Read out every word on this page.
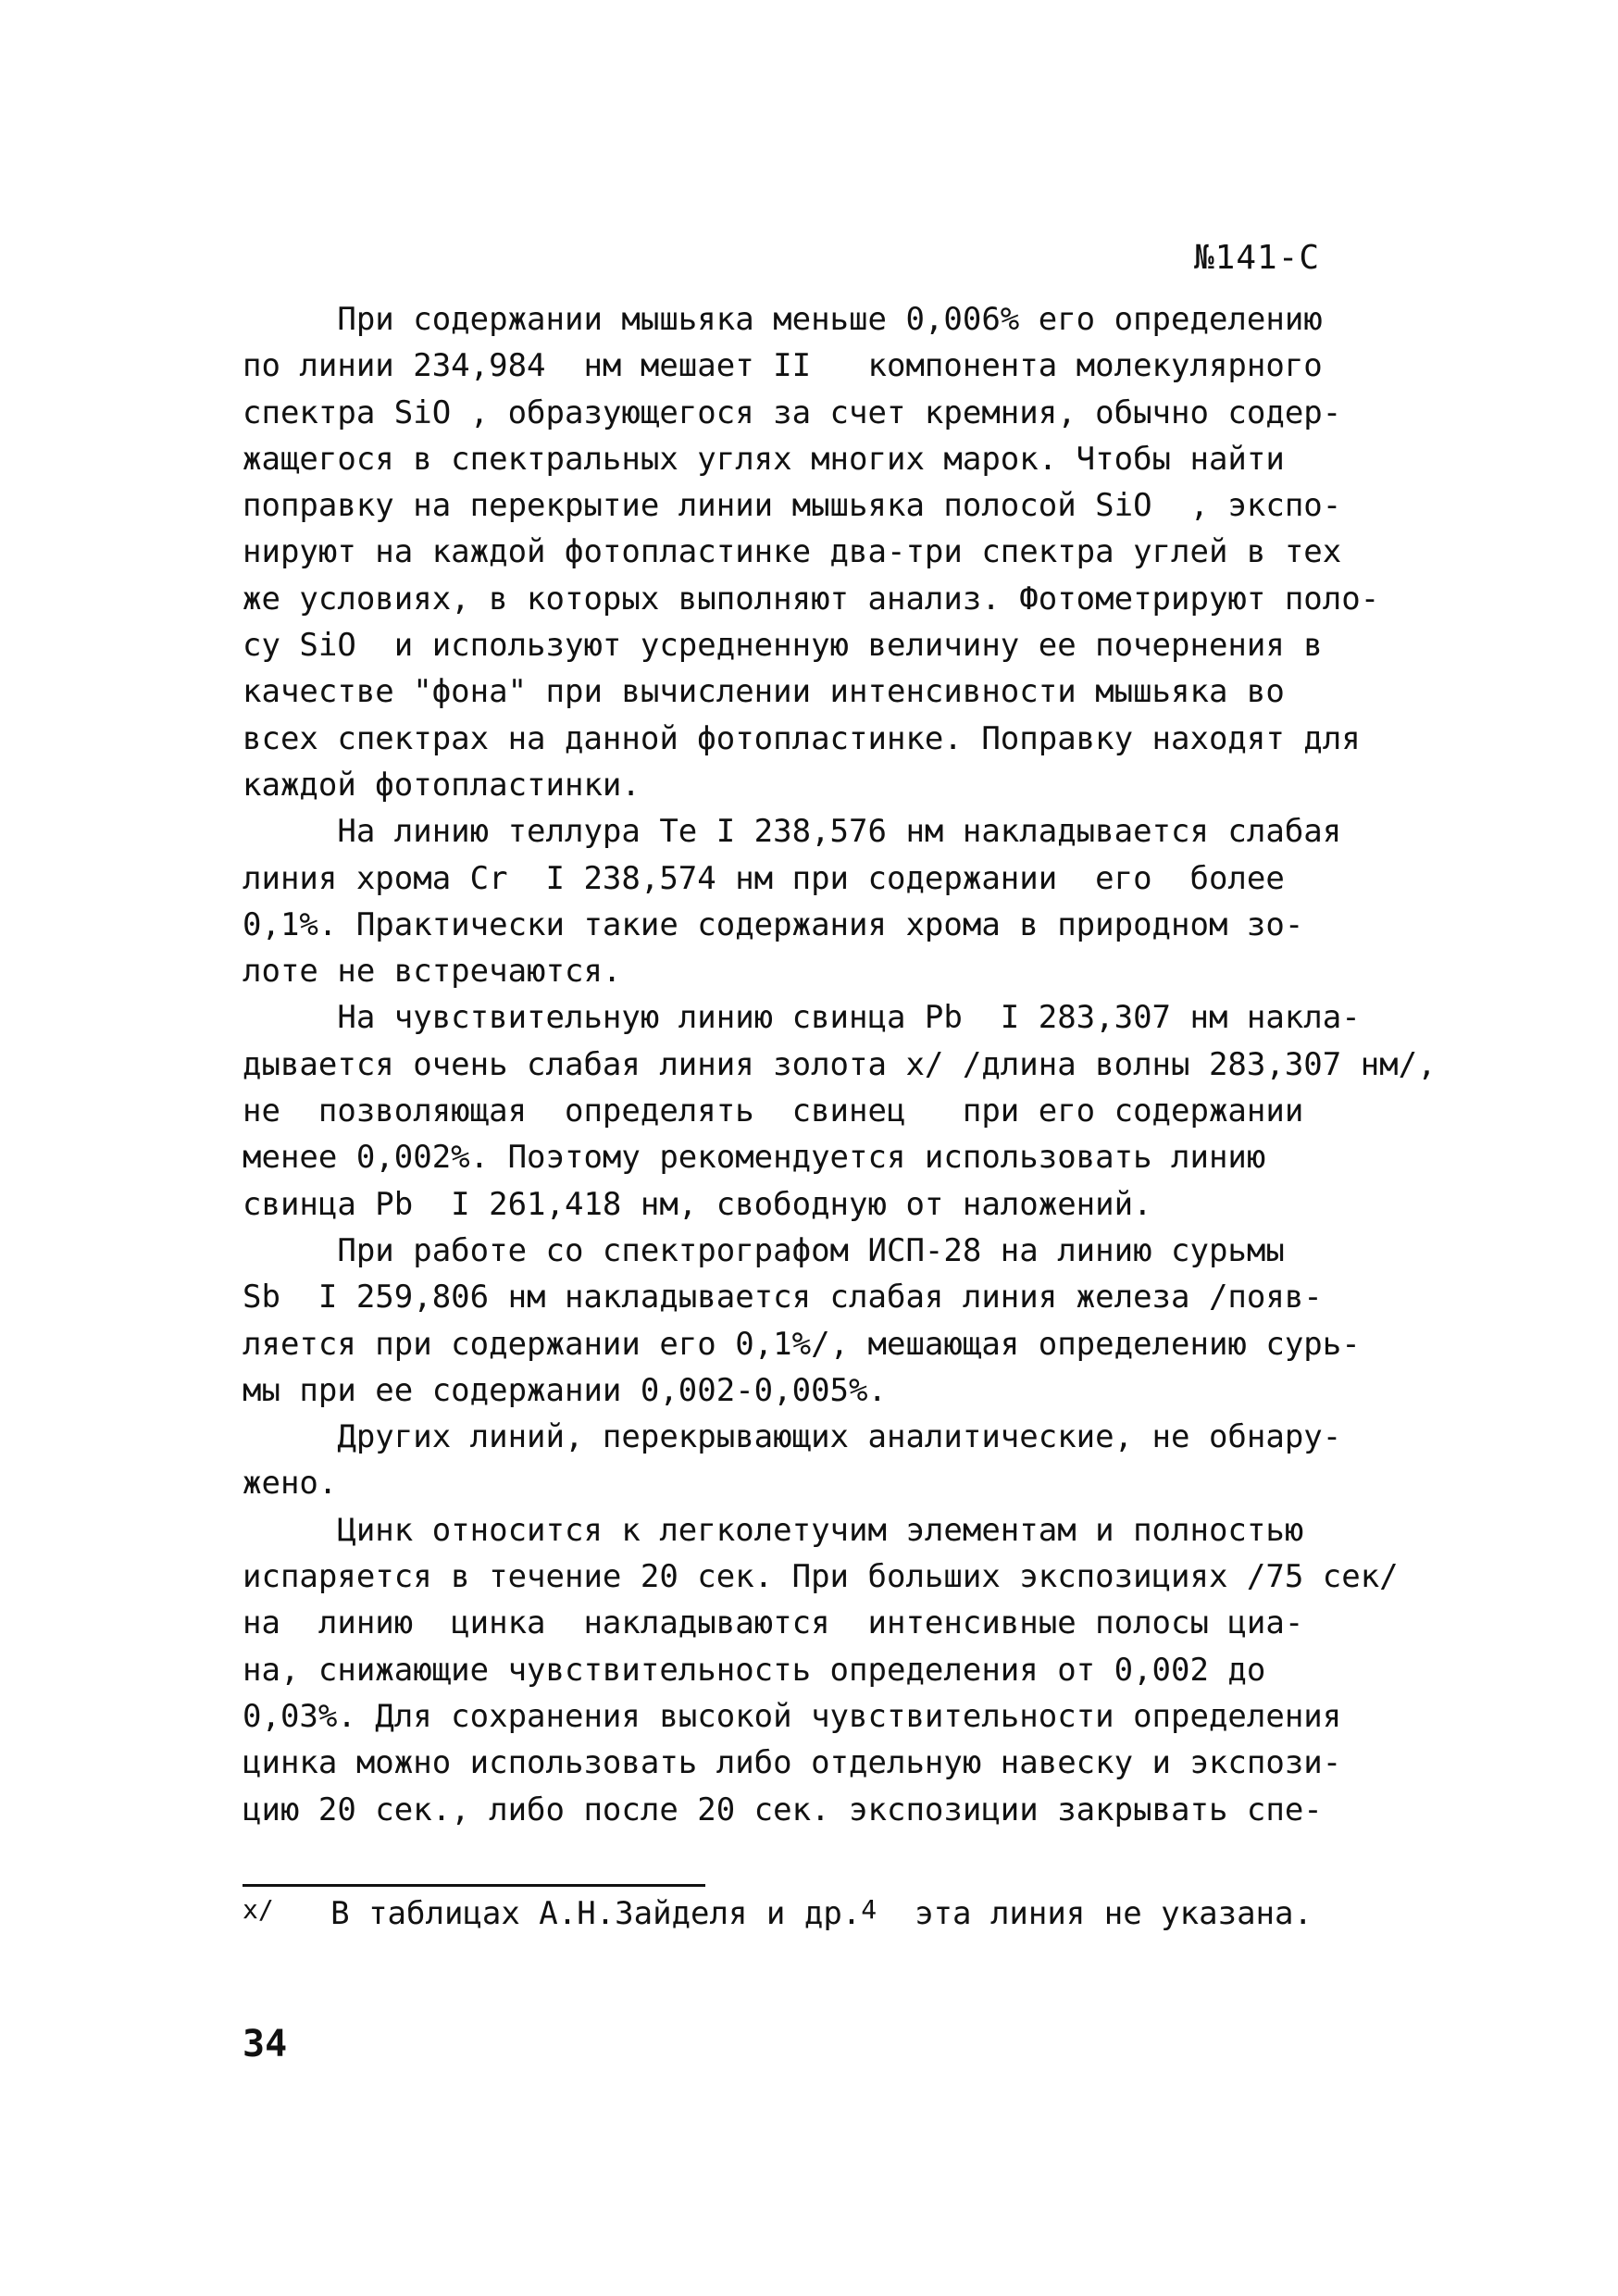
№141-С
При содержании мышьяка меньше 0,006% его определению
по линии 234,984  нм мешает II   компонента молекулярного
спектра SiO , образующегося за счет кремния, обычно содер-
жащегося в спектральных углях многих марок. Чтобы найти
поправку на перекрытие линии мышьяка полосой SiO  , экспо-
нируют на каждой фотопластинке два-три спектра углей в тех
же условиях, в которых выполняют анализ. Фотометрируют поло-
су SiO  и используют усредненную величину ее почернения в
качестве "фона" при вычислении интенсивности мышьяка во
всех спектрах на данной фотопластинке. Поправку находят для
каждой фотопластинки.
На линию теллура Те I 238,576 нм накладывается слабая
линия хрома Cr  I 238,574 нм при содержании  его  более
0,1%. Практически такие содержания хрома в природном зо-
лоте не встречаются.
На чувствительную линию свинца Pb  I 283,307 нм накла-
дывается очень слабая линия золота x/ /длина волны 283,307 нм/,
не  позволяющая  определять  свинец   при его содержании
менее 0,002%. Поэтому рекомендуется использовать линию
свинца Pb  I 261,418 нм, свободную от наложений.
При работе со спектрографом ИСП-28 на линию сурьмы
Sb  I 259,806 нм накладывается слабая линия железа /появ-
ляется при содержании его 0,1%/, мешающая определению сурь-
мы при ее содержании 0,002-0,005%.
Других линий, перекрывающих аналитические, не обнару-
жено.
Цинк относится к легколетучим элементам и полностью
испаряется в течение 20 сек. При больших экспозициях /75 сек/
на  линию  цинка  накладываются  интенсивные полосы циа-
на, снижающие чувствительность определения от 0,002 до
0,03%. Для сохранения высокой чувствительности определения
цинка можно использовать либо отдельную навеску и экспози-
цию 20 сек., либо после 20 сек. экспозиции закрывать спе-
x/   В таблицах А.Н.Зайделя и др.4  эта линия не указана.
34
